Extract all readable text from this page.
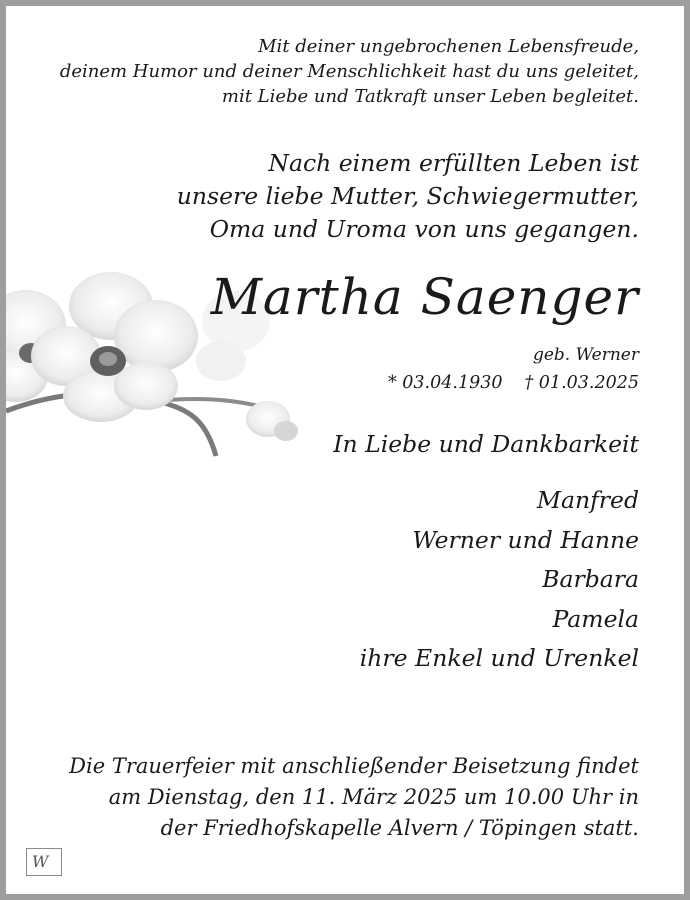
Mit deiner ungebrochenen Lebensfreude,
deinem Humor und deiner Menschlichkeit hast du uns geleitet,
mit Liebe und Tatkraft unser Leben begleitet.
Nach einem erfüllten Leben ist
unsere liebe Mutter, Schwiegermutter,
Oma und Uroma von uns gegangen.
Martha Saenger
geb. Werner
* 03.04.1930 † 01.03.2025
In Liebe und Dankbarkeit
Manfred
Werner und Hanne
Barbara
Pamela
ihre Enkel und Urenkel
Die Trauerfeier mit anschließender Beisetzung findet
am Dienstag, den 11. März 2025 um 10.00 Uhr in
der Friedhofskapelle Alvern / Töpingen statt.
W
